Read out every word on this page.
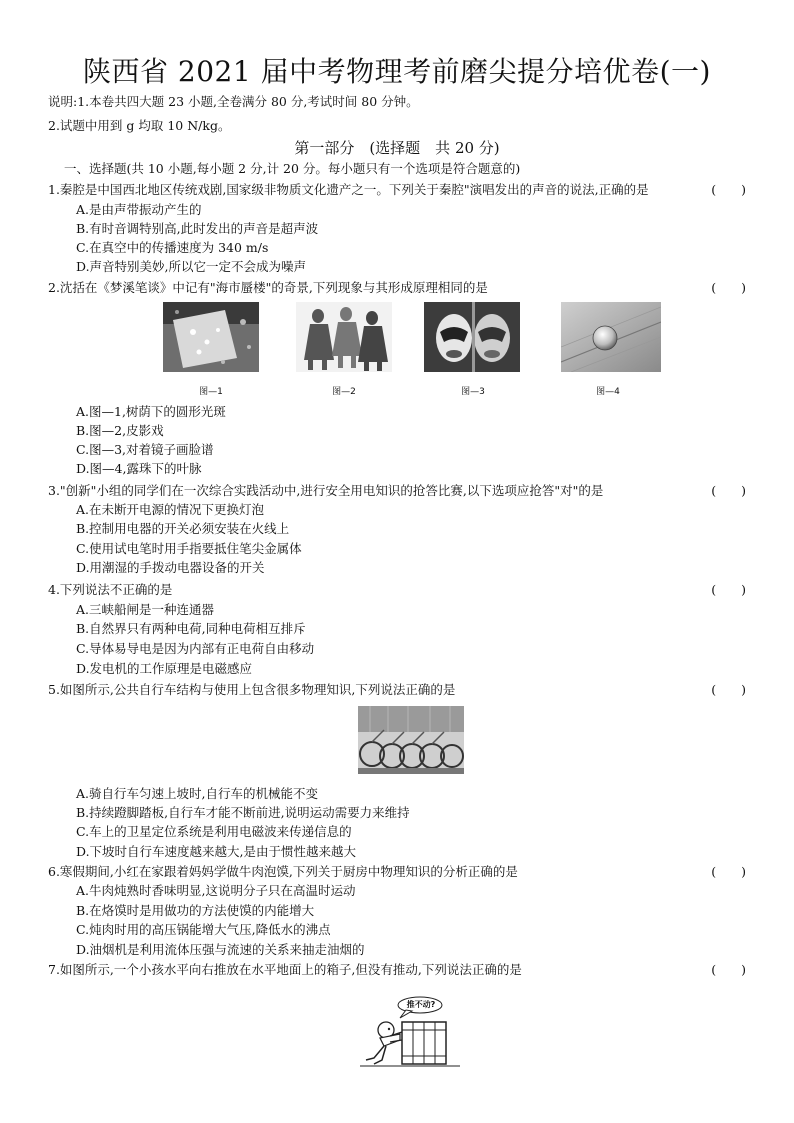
陕西省 2021 届中考物理考前磨尖提分培优卷(一)
说明:1.本卷共四大题 23 小题,全卷满分 80 分,考试时间 80 分钟。
2.试题中用到 g 均取 10 N/kg。
第一部分　(选择题　共 20 分)
一、选择题(共 10 小题,每小题 2 分,计 20 分。每小题只有一个选项是符合题意的)
1.秦腔是中国西北地区传统戏剧,国家级非物质文化遗产之一。下列关于秦腔"演唱发出的声音的说法,正确的是	(　　)
A.是由声带振动产生的
B.有时音调特别高,此时发出的声音是超声波
C.在真空中的传播速度为 340 m/s
D.声音特别美妙,所以它一定不会成为噪声
2.沈括在《梦溪笔谈》中记有"海市蜃楼"的奇景,下列现象与其形成原理相同的是	(　　)
图—1	图—2	图—3	图—4
A.图—1,树荫下的圆形光斑
B.图—2,皮影戏
C.图—3,对着镜子画脸谱
D.图—4,露珠下的叶脉
3."创新"小组的同学们在一次综合实践活动中,进行安全用电知识的抢答比赛,以下选项应抢答"对"的是	(　　)
A.在未断开电源的情况下更换灯泡
B.控制用电器的开关必须安装在火线上
C.使用试电笔时用手指要抵住笔尖金属体
D.用潮湿的手拨动电器设备的开关
4.下列说法不正确的是	(　　)
A.三峡船闸是一种连通器
B.自然界只有两种电荷,同种电荷相互排斥
C.导体易导电是因为内部有正电荷自由移动
D.发电机的工作原理是电磁感应
5.如图所示,公共自行车结构与使用上包含很多物理知识,下列说法正确的是	(　　)
A.骑自行车匀速上坡时,自行车的机械能不变
B.持续蹬脚踏板,自行车才能不断前进,说明运动需要力来维持
C.车上的卫星定位系统是利用电磁波来传递信息的
D.下坡时自行车速度越来越大,是由于惯性越来越大
6.寒假期间,小红在家跟着妈妈学做牛肉泡馍,下列关于厨房中物理知识的分析正确的是	(　　)
A.牛肉炖熟时香味明显,这说明分子只在高温时运动
B.在烙馍时是用做功的方法使馍的内能增大
C.炖肉时用的高压锅能增大气压,降低水的沸点
D.油烟机是利用流体压强与流速的关系来抽走油烟的
7.如图所示,一个小孩水平向右推放在水平地面上的箱子,但没有推动,下列说法正确的是	(　　)
推不动?
